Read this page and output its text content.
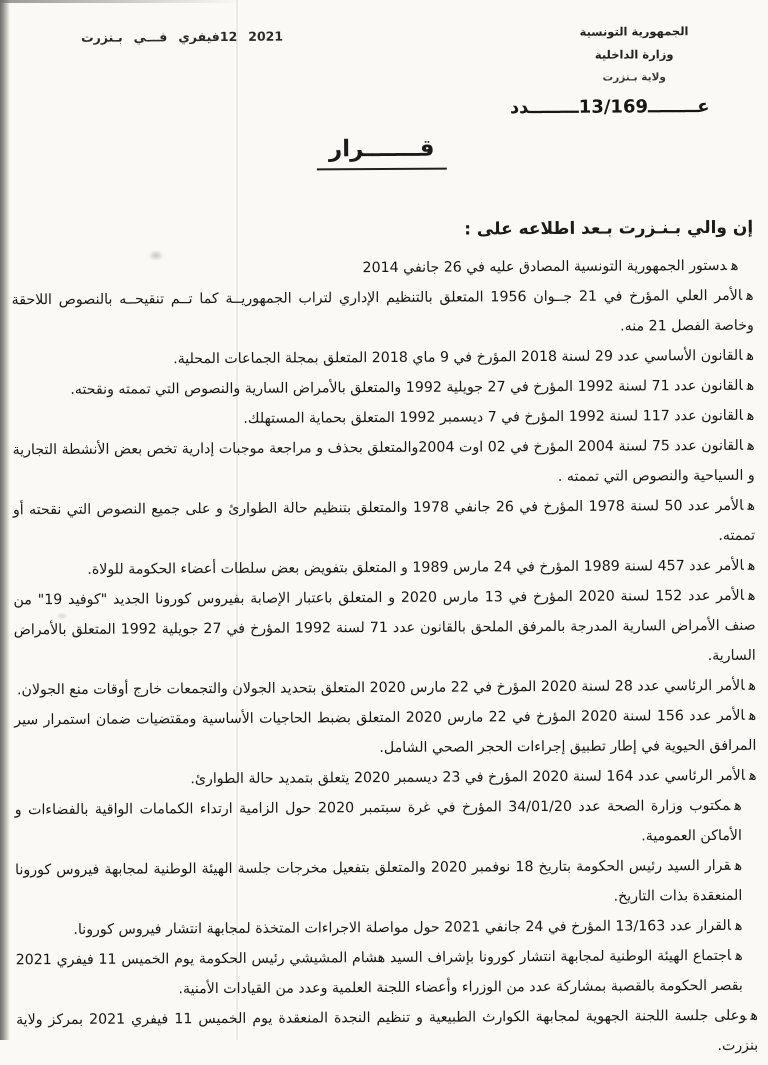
الجمهورية التونسية
وزارة الداخلية
ولاية بـنزرت
عــــــــ13/169ــــــــدد
بـنزرت فـــي 12فيفري 2021
قـــــــرار

إن والي بـنـزرت بـعد اطلاعه على :

هدستور الجمهورية التونسية المصادق عليه في 26 جانفي 2014

هالأمر العلي المؤرخ في 21 جــوان 1956 المتعلق بالتنظيم الإداري لتراب الجمهوريــة كما تــم تنقيحــه بالنصوص اللاحقة وخاصة الفصل 21 منه.

هالقانون الأساسي عدد 29 لسنة 2018 المؤرخ في 9 ماي 2018 المتعلق بمجلة الجماعات المحلية.

هالقانون عدد 71 لسنة 1992 المؤرخ في 27 جويلية 1992 والمتعلق بالأمراض السارية والنصوص التي تممته ونقحته.

هالقانون عدد 117 لسنة 1992 المؤرخ في 7 ديسمبر 1992 المتعلق بحماية المستهلك.

هالقانون عدد 75 لسنة 2004 المؤرخ في 02 اوت 2004والمتعلق بحذف و مراجعة موجبات إدارية تخص بعض الأنشطة التجارية و السياحية والنصوص التي تممته .

هالأمر عدد 50 لسنة 1978 المؤرخ في 26 جانفي 1978 والمتعلق بتنظيم حالة الطوارئ و على جميع النصوص التي نقحته أو تممته.

هالأمر عدد 457 لسنة 1989 المؤرخ في 24 مارس 1989 و المتعلق بتفويض بعض سلطات أعضاء الحكومة للولاة.

هالأمر عدد 152 لسنة 2020 المؤرخ في 13 مارس 2020 و المتعلق باعتبار الإصابة بفيروس كورونا الجديد "كوفيد 19" من صنف الأمراض السارية المدرجة بالمرفق الملحق بالقانون عدد 71 لسنة 1992 المؤرخ في 27 جويلية 1992 المتعلق بالأمراض السارية.

هالأمر الرئاسي عدد 28 لسنة 2020 المؤرخ في 22 مارس 2020 المتعلق بتحديد الجولان والتجمعات خارج أوقات منع الجولان.

هالأمر عدد 156 لسنة 2020 المؤرخ في 22 مارس 2020 المتعلق بضبط الحاجيات الأساسية ومقتضيات ضمان استمرار سير المرافق الحيوية في إطار تطبيق إجراءات الحجر الصحي الشامل.

هالأمر الرئاسي عدد 164 لسنة 2020 المؤرخ في 23 ديسمبر 2020 يتعلق بتمديد حالة الطوارئ.

همكتوب وزارة الصحة عدد 34/01/20 المؤرخ في غرة سبتمبر 2020 حول الزامية ارتداء الكمامات الواقية بالفضاءات و الأماكن العمومية.

هقرار السيد رئيس الحكومة بتاريخ 18 نوفمبر 2020 والمتعلق بتفعيل مخرجات جلسة الهيئة الوطنية لمجابهة فيروس كورونا المنعقدة بذات التاريخ.

هالقرار عدد 13/163 المؤرخ في 24 جانفي 2021 حول مواصلة الاجراءات المتخذة لمجابهة انتشار فيروس كورونا.

هاجتماع الهيئة الوطنية لمجابهة انتشار كورونا بإشراف السيد هشام المشيشي رئيس الحكومة يوم الخميس 11 فيفري 2021 بقصر الحكومة بالقصبة بمشاركة عدد من الوزراء وأعضاء اللجنة العلمية وعدد من القيادات الأمنية.

هوعلى جلسة اللجنة الجهوية لمجابهة الكوارث الطبيعية و تنظيم النجدة المنعقدة يوم الخميس 11 فيفري 2021 بمركز ولاية بنزرت.
